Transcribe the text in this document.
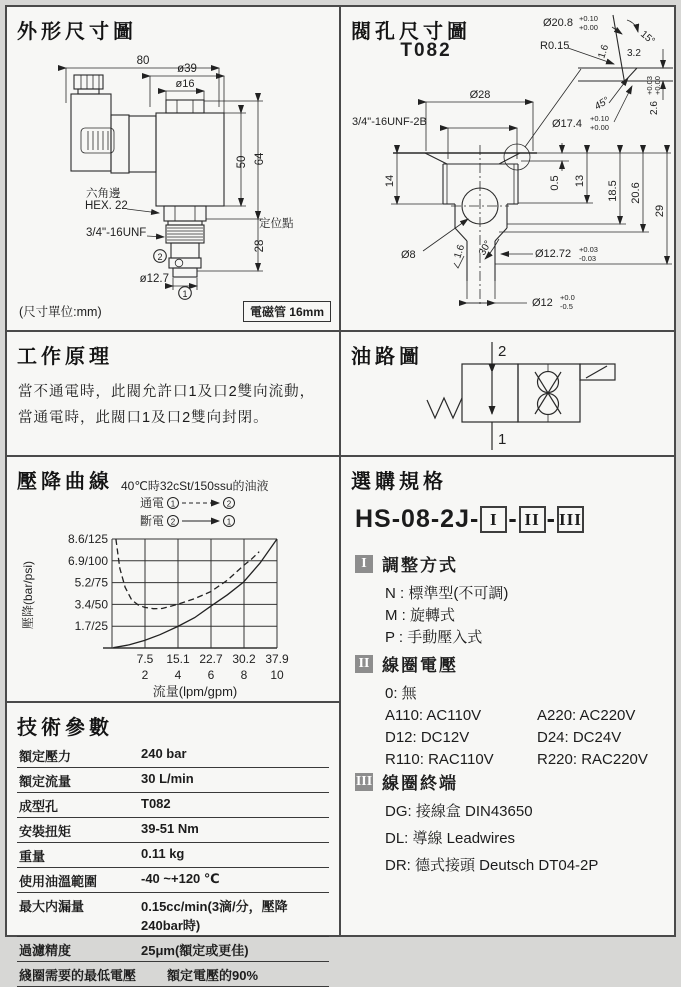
外形尺寸圖
80
ø39
ø16
50 64
28
六角邊
HEX. 22
3/4"-16UNF
定位點
ø12.7
2
1
(尺寸單位:mm)	電磁管 16mm
閥孔尺寸圖
T082
Ø20.8 +0.10
+0.00
R0.15	15°
1.6 3.2
45°
Ø17.4 +0.10
+0.00
2.6
+0.03 +0.00
Ø28
3/4"-16UNF-2B
14	0.5 13 18.5 20.6
29
Ø8	1.6 30°	Ø12.72 +0.03
-0.03
Ø12 +0.0
-0.5
工作原理
當不通電時，此閥允許口1及口2雙向流動，
當通電時，此閥口1及口2雙向封閉。
油路圖	2
1
壓降曲線 40℃時32cSt/150ssu的油液
通電 1	2
斷電 2	1
8.6/125
6.9/100
5.2/75
3.4/50
1.7/25
7.5 15.1 22.7 30.2 37.9
2 4 6 8 10
流量(lpm/gpm)
壓降(bar/psi)
選購規格
HS-08-2J- I - II - III
I 調整方式
N : 標準型(不可調)
M : 旋轉式
P : 手動壓入式
II 線圈電壓
0: 無
A110: AC110V	A220: AC220V
D12: DC12V	D24: DC24V
R110: RAC110V	R220: RAC220V
III 線圈終端
DG: 接線盒 DIN43650
DL: 導線 Leadwires
DR: 德式接頭 Deutsch DT04-2P
技術參數
額定壓力	240 bar
額定流量	30 L/min
成型孔	T082
安裝扭矩	39-51 Nm
重量	0.11 kg
使用油溫範圍	-40 ~+120 ℃
最大内漏量	0.15cc/min(3滴/分，壓降240bar時)
過濾精度	25μm(額定或更佳)
綫圈需要的最低電壓	額定電壓的90%
